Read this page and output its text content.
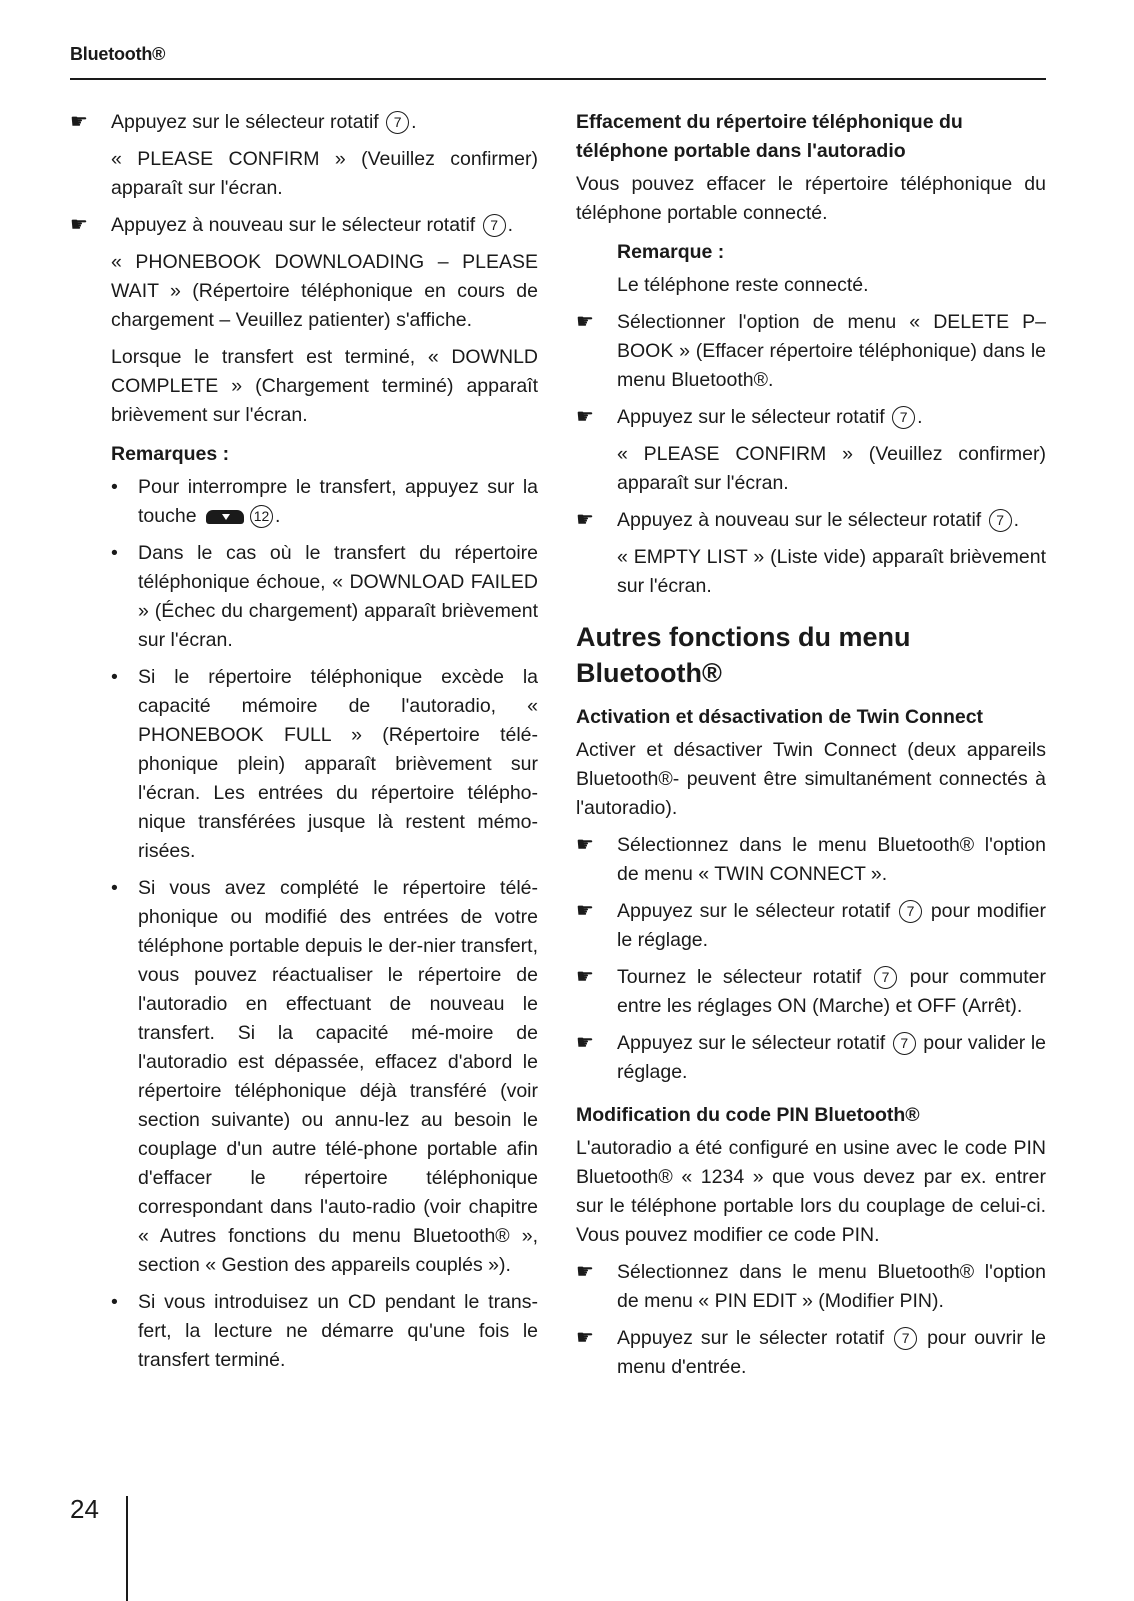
Bluetooth®
☛ Appuyez sur le sélecteur rotatif 7 .
« PLEASE CONFIRM » (Veuillez confirmer) apparaît sur l'écran.
☛ Appuyez à nouveau sur le sélecteur rotatif 7 .
« PHONEBOOK DOWNLOADING – PLEASE WAIT » (Répertoire téléphonique en cours de chargement – Veuillez patienter) s'affiche.
Lorsque le transfert est terminé, « DOWNLD COMPLETE » (Chargement terminé) apparaît brièvement sur l'écran.
Remarques :
• Pour interrompre le transfert, appuyez sur la touche	12 .
• Dans le cas où le transfert du répertoire téléphonique échoue, « DOWNLOAD FAILED » (Échec du chargement) apparaît brièvement sur l'écran.
• Si le répertoire téléphonique excède la capacité mémoire de l'autoradio, « PHONEBOOK FULL » (Répertoire télé-phonique plein) apparaît brièvement sur l'écran. Les entrées du répertoire télépho-nique transférées jusque là restent mémo-risées.
• Si vous avez complété le répertoire télé-phonique ou modifié des entrées de votre téléphone portable depuis le der-nier transfert, vous pouvez réactualiser le répertoire de l'autoradio en effectuant de nouveau le transfert. Si la capacité mé-moire de l'autoradio est dépassée, effacez d'abord le répertoire téléphonique déjà transféré (voir section suivante) ou annu-lez au besoin le couplage d'un autre télé-phone portable afin d'effacer le répertoire téléphonique correspondant dans l'auto-radio (voir chapitre « Autres fonctions du menu Bluetooth® », section « Gestion des appareils couplés »).
• Si vous introduisez un CD pendant le trans-fert, la lecture ne démarre qu'une fois le transfert terminé.
Effacement du répertoire téléphonique du téléphone portable dans l'autoradio
Vous pouvez effacer le répertoire téléphonique du téléphone portable connecté.
Remarque :
Le téléphone reste connecté.
☛ Sélectionner l'option de menu « DELETE P–BOOK » (Effacer répertoire téléphonique) dans le menu Bluetooth®.
☛ Appuyez sur le sélecteur rotatif 7 .
« PLEASE CONFIRM » (Veuillez confirmer) apparaît sur l'écran.
☛ Appuyez à nouveau sur le sélecteur rotatif 7 .
« EMPTY LIST » (Liste vide) apparaît brièvement sur l'écran.
Autres fonctions du menu Bluetooth®
Activation et désactivation de Twin Connect
Activer et désactiver Twin Connect (deux appareils Bluetooth®- peuvent être simultanément connectés à l'autoradio).
☛ Sélectionnez dans le menu Bluetooth® l'option de menu « TWIN CONNECT ».
☛ Appuyez sur le sélecteur rotatif 7 pour modifier le réglage.
☛ Tournez le sélecteur rotatif 7 pour commuter entre les réglages ON (Marche) et OFF (Arrêt).
☛ Appuyez sur le sélecteur rotatif 7 pour valider le réglage.
Modification du code PIN Bluetooth®
L'autoradio a été configuré en usine avec le code PIN Bluetooth® « 1234 » que vous devez par ex. entrer sur le téléphone portable lors du couplage de celui-ci. Vous pouvez modifier ce code PIN.
☛ Sélectionnez dans le menu Bluetooth® l'option de menu « PIN EDIT » (Modifier PIN).
☛ Appuyez sur le sélecter rotatif 7 pour ouvrir le menu d'entrée.
24
